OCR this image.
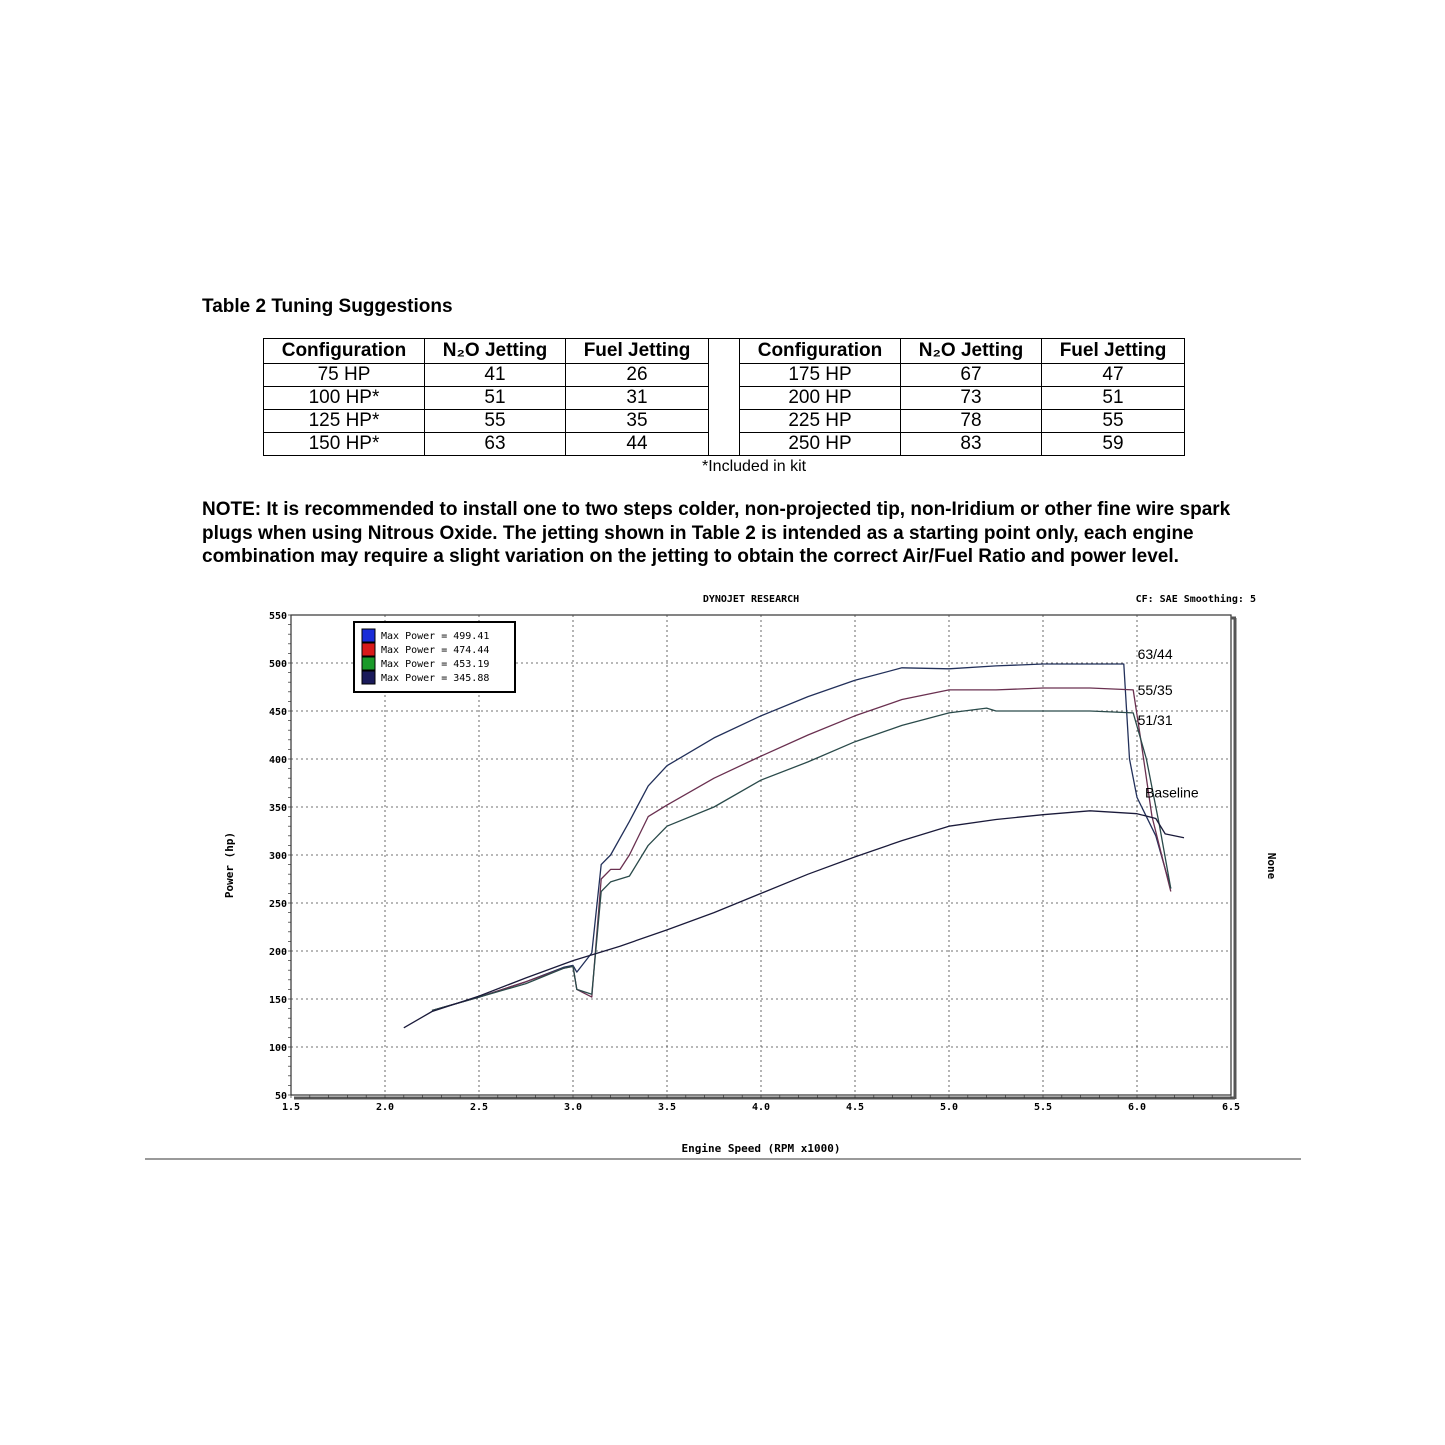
Table 2 Tuning Suggestions
Configuration	N₂O Jetting	Fuel Jetting		Configuration	N₂O Jetting	Fuel Jetting
75 HP	41	26		175 HP	67	47
100 HP*	51	31		200 HP	73	51
125 HP*	55	35		225 HP	78	55
150 HP*	63	44		250 HP	83	59
*Included in kit
NOTE: It is recommended to install one to two steps colder, non-projected tip, non-Iridium or other fine wire spark plugs when using Nitrous Oxide. The jetting shown in Table 2 is intended as a starting point only, each engine combination may require a slight variation on the jetting to obtain the correct Air/Fuel Ratio and power level.
DYNOJET RESEARCH	CF: SAE Smoothing: 5
1.5	2.0	2.5	3.0	3.5	4.0	4.5	5.0	5.5	6.0	6.5
50
100
150
200
250
300
350
400
450
500
550
63/44
55/35
51/31
Baseline
Max Power = 499.41
Max Power = 474.44
Max Power = 453.19
Max Power = 345.88
Engine Speed (RPM x1000)
Power (hp)	None
